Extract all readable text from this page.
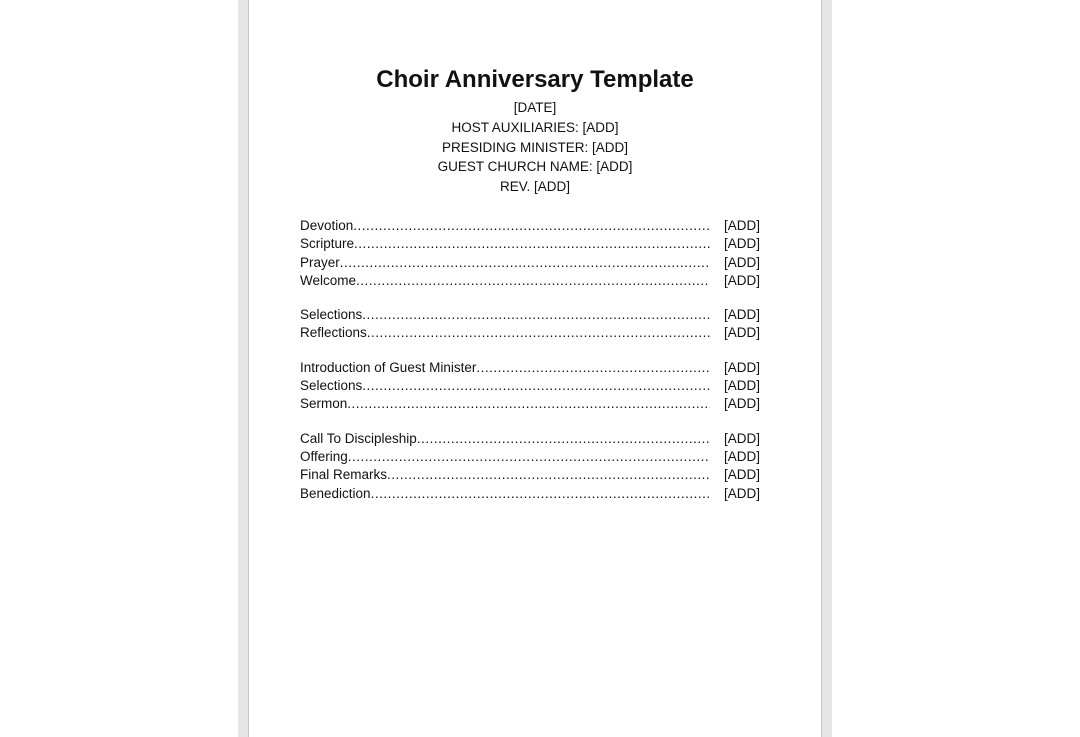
Choir Anniversary Template
[DATE]
HOST AUXILIARIES: [ADD]
PRESIDING MINISTER: [ADD]
GUEST CHURCH NAME: [ADD]
REV. [ADD]
Devotion .....	[ADD]
Scripture .....	[ADD]
Prayer .....	[ADD]
Welcome .....	[ADD]
Selections .....	[ADD]
Reflections .....	[ADD]
Introduction of Guest Minister .....	[ADD]
Selections .....	[ADD]
Sermon .....	[ADD]
Call To Discipleship .....	[ADD]
Offering .....	[ADD]
Final Remarks .....	[ADD]
Benediction .....	[ADD]
